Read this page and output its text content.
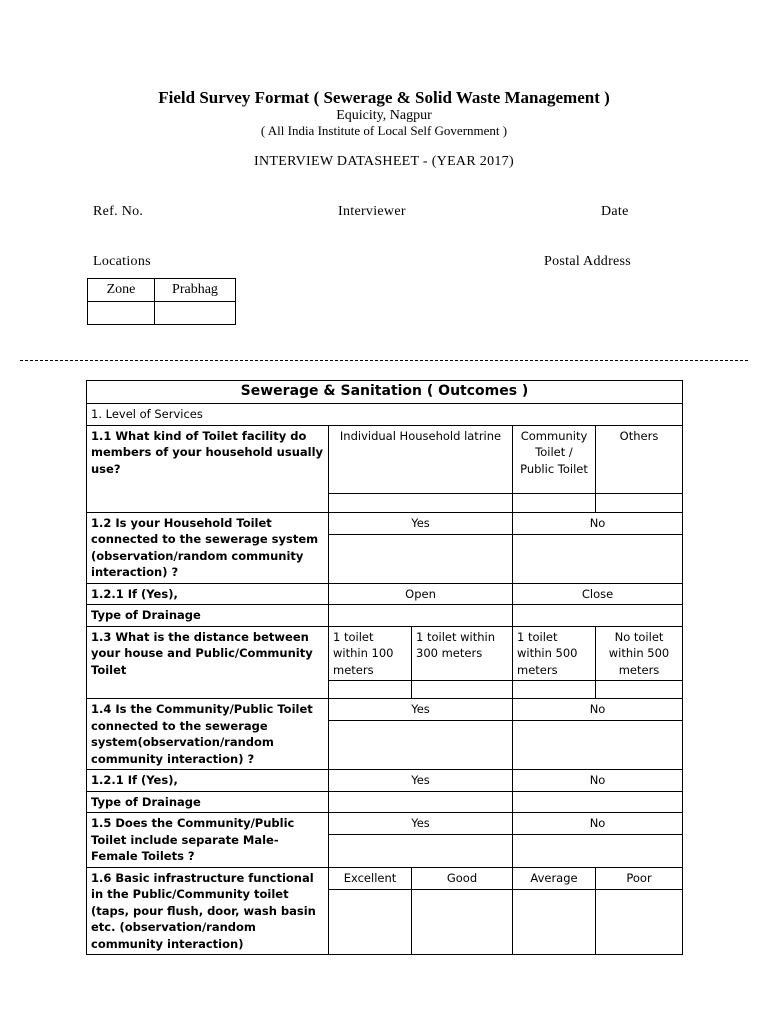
Field Survey Format ( Sewerage & Solid Waste Management )
Equicity, Nagpur
( All India Institute of Local Self Government )
INTERVIEW DATASHEET - (YEAR 2017)
Ref. No.	Interviewer	Date
Locations	Postal Address
Zone	Prabhag

Sewerage & Sanitation ( Outcomes )				
1. Level of Services				
1.1 What kind of Toilet facility do members of your household usually use?	Individual Household latrine		Community Toilet / Public Toilet	Others

1.2 Is your Household Toilet connected to the sewerage system (observation/random community interaction) ?	Yes		No	

1.2.1 If (Yes),	Open		Close	
Type of Drainage				
1.3 What is the distance between your house and Public/Community Toilet	1 toilet within 100 meters	1 toilet within 300 meters	1 toilet within 500 meters	No toilet within 500 meters

1.4 Is the Community/Public Toilet connected to the sewerage system(observation/random community interaction) ?	Yes		No	

1.2.1 If (Yes),	Yes		No	
Type of Drainage				
1.5 Does the Community/Public Toilet include separate Male-Female Toilets ?	Yes		No	

1.6 Basic infrastructure functional in the Public/Community toilet (taps, pour flush, door, wash basin etc. (observation/random community interaction)	Excellent	Good	Average	Poor
